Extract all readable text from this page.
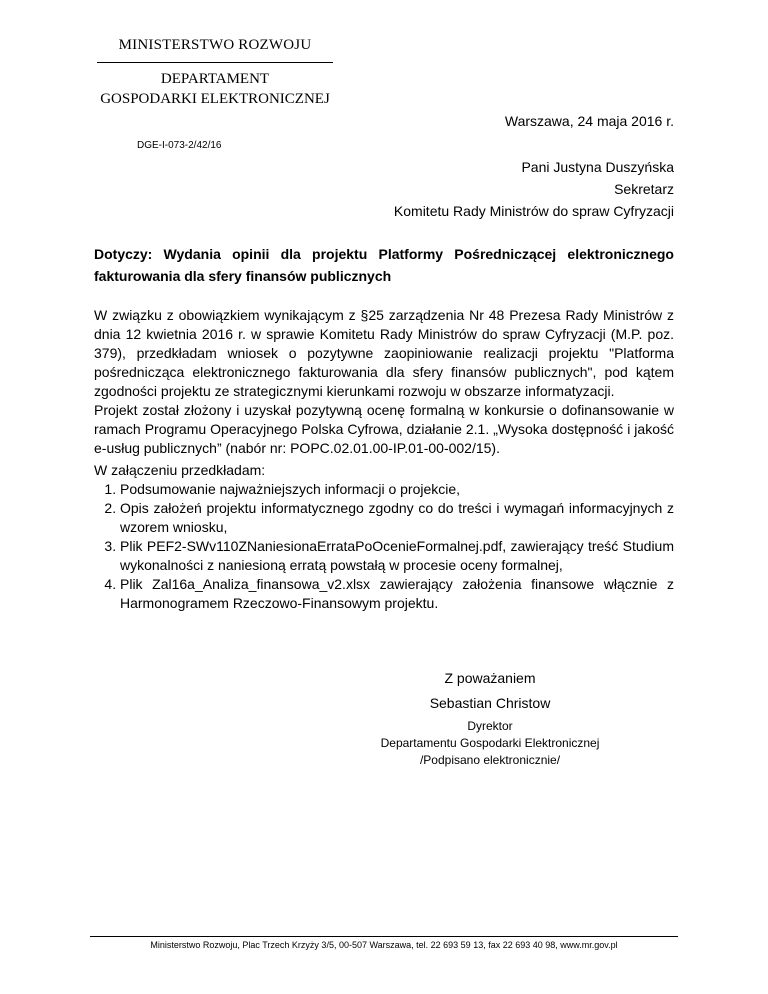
MINISTERSTWO ROZWOJU
DEPARTAMENT
GOSPODARKI ELEKTRONICZNEJ
Warszawa, 24 maja 2016 r.
DGE-I-073-2/42/16
Pani Justyna Duszyńska
Sekretarz
Komitetu Rady Ministrów do spraw Cyfryzacji
Dotyczy: Wydania opinii dla projektu Platformy Pośredniczącej elektronicznego
fakturowania dla sfery finansów publicznych

W związku z obowiązkiem wynikającym z §25 zarządzenia Nr 48 Prezesa Rady Ministrów z dnia 12 kwietnia 2016 r. w sprawie Komitetu Rady Ministrów do spraw Cyfryzacji (M.P. poz. 379), przedkładam wniosek o pozytywne zaopiniowanie realizacji projektu "Platforma pośrednicząca elektronicznego fakturowania dla sfery finansów publicznych", pod kątem zgodności projektu ze strategicznymi kierunkami rozwoju w obszarze informatyzacji.

Projekt został złożony i uzyskał pozytywną ocenę formalną w konkursie o dofinansowanie w ramach Programu Operacyjnego Polska Cyfrowa, działanie 2.1. „Wysoka dostępność i jakość e-usług publicznych” (nabór nr: POPC.02.01.00-IP.01-00-002/15).

W załączeniu przedkładam:
1. Podsumowanie najważniejszych informacji o projekcie,
2. Opis założeń projektu informatycznego zgodny co do treści i wymagań informacyjnych z wzorem wniosku,
3. Plik PEF2-SWv110ZNaniesionaErrataPoOcenieFormalnej.pdf, zawierający treść Studium wykonalności z naniesioną erratą powstałą w procesie oceny formalnej,
4. Plik Zal16a_Analiza_finansowa_v2.xlsx zawierający założenia finansowe włącznie z Harmonogramem Rzeczowo-Finansowym projektu.
Z poważaniem
Sebastian Christow
Dyrektor
Departamentu Gospodarki Elektronicznej
/Podpisano elektronicznie/
Ministerstwo Rozwoju, Plac Trzech Krzyży 3/5, 00-507 Warszawa, tel. 22 693 59 13, fax 22 693 40 98, www.mr.gov.pl
